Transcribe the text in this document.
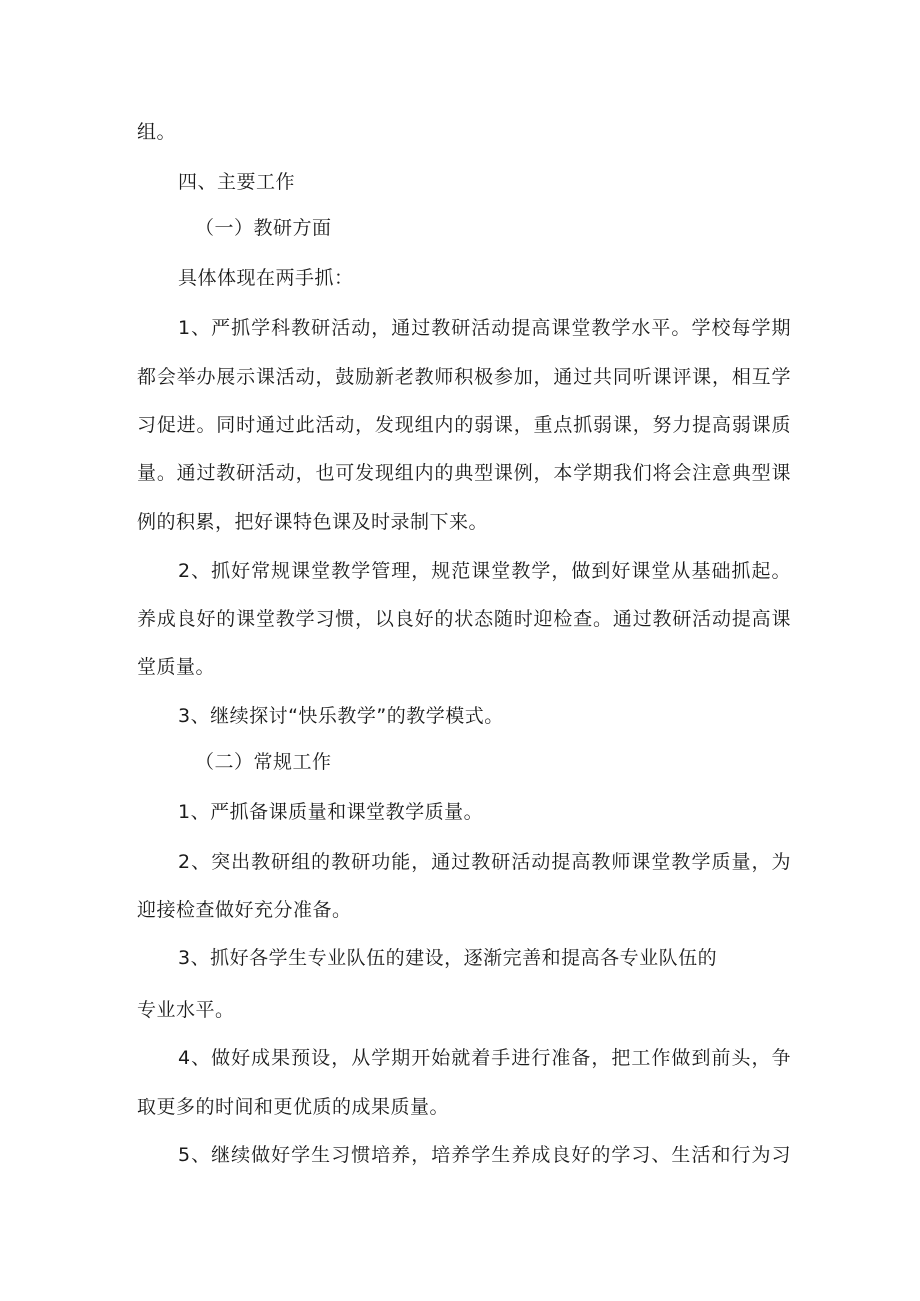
组。
四、主要工作
（一）教研方面
具体体现在两手抓：
1、严抓学科教研活动，通过教研活动提高课堂教学水平。学校每学期
都会举办展示课活动，鼓励新老教师积极参加，通过共同听课评课，相互学
习促进。同时通过此活动，发现组内的弱课，重点抓弱课，努力提高弱课质
量。通过教研活动，也可发现组内的典型课例，本学期我们将会注意典型课
例的积累，把好课特色课及时录制下来。
2、抓好常规课堂教学管理，规范课堂教学，做到好课堂从基础抓起。
养成良好的课堂教学习惯，以良好的状态随时迎检查。通过教研活动提高课
堂质量。
3、继续探讨“快乐教学”的教学模式。
（二）常规工作
1、严抓备课质量和课堂教学质量。
2、突出教研组的教研功能，通过教研活动提高教师课堂教学质量，为
迎接检查做好充分准备。
3、抓好各学生专业队伍的建设，逐渐完善和提高各专业队伍的
专业水平。
4、做好成果预设，从学期开始就着手进行准备，把工作做到前头，争
取更多的时间和更优质的成果质量。
5、继续做好学生习惯培养，培养学生养成良好的学习、生活和行为习
